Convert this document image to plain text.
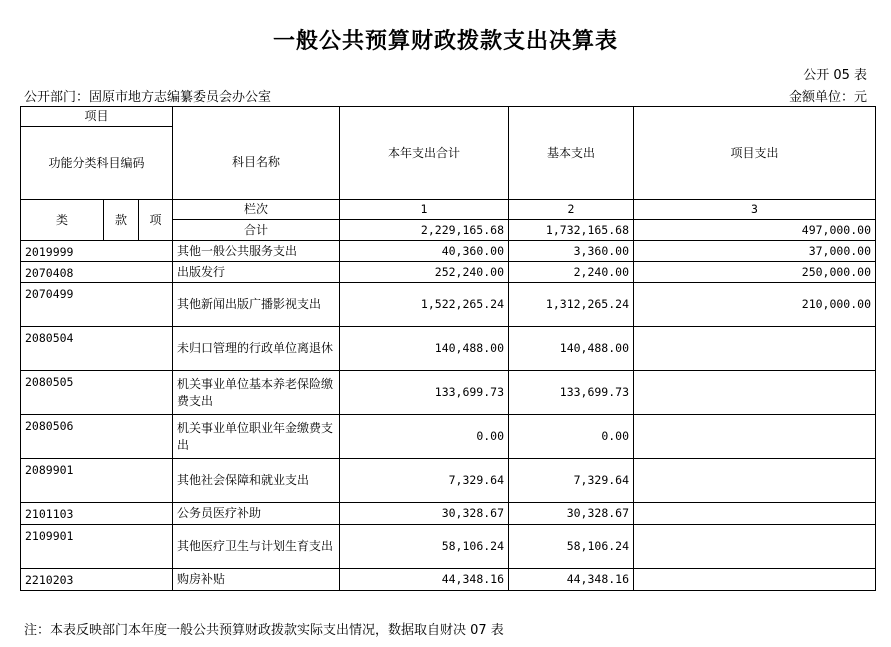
一般公共预算财政拨款支出决算表
公开 05 表
公开部门：固原市地方志编纂委员会办公室	金额单位：元
项目				本年支出合计	基本支出	项目支出
功能分类科目编码			科目名称			
类	款	项	栏次	1	2	3
			合计	2,229,165.68	1,732,165.68	497,000.00
2019999			其他一般公共服务支出	40,360.00	3,360.00	37,000.00
2070408			出版发行	252,240.00	2,240.00	250,000.00
2070499			其他新闻出版广播影视支出	1,522,265.24	1,312,265.24	210,000.00
2080504			未归口管理的行政单位离退休	140,488.00	140,488.00	
2080505			机关事业单位基本养老保险缴费支出	133,699.73	133,699.73	
2080506			机关事业单位职业年金缴费支出	0.00	0.00	
2089901			其他社会保障和就业支出	7,329.64	7,329.64	
2101103			公务员医疗补助	30,328.67	30,328.67	
2109901			其他医疗卫生与计划生育支出	58,106.24	58,106.24	
2210203			购房补贴	44,348.16	44,348.16	
注：本表反映部门本年度一般公共预算财政拨款实际支出情况，数据取自财决 07 表
